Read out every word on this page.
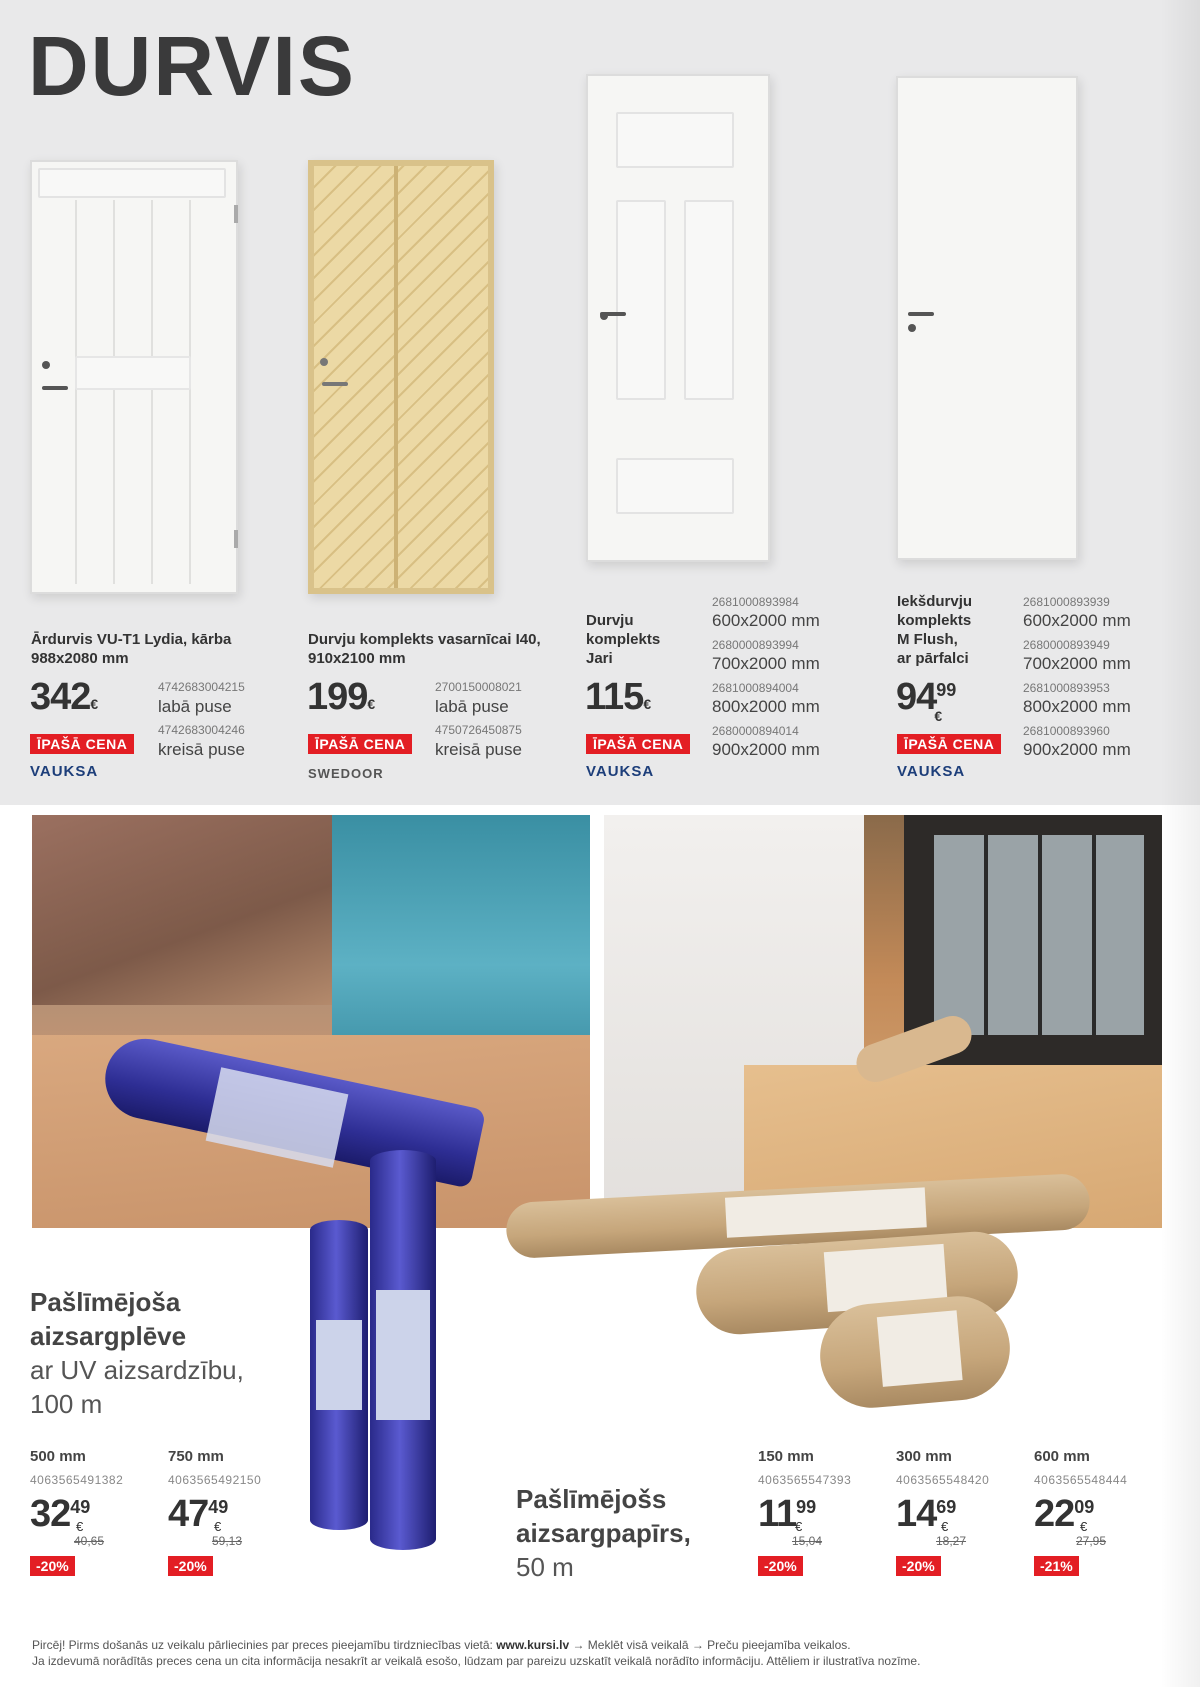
DURVIS
Ārdurvis VU-T1 Lydia, kārba
988x2080 mm
342€
4742683004215
labā puse
4742683004246
kreisā puse
ĪPAŠĀ CENA
VAUKSA
Durvju komplekts vasarnīcai I40,
910x2100 mm
199€
2700150008021
labā puse
4750726450875
kreisā puse
ĪPAŠĀ CENA
SWEDOOR
Durvju
komplekts
Jari
115€
ĪPAŠĀ CENA
VAUKSA
2681000893984
600x2000 mm
2680000893994
700x2000 mm
2681000894004
800x2000 mm
2680000894014
900x2000 mm
Iekšdurvju
komplekts
M Flush,
ar pārfalci
$94^{99}_€$
ĪPAŠĀ CENA
VAUKSA
2681000893939
600x2000 mm
2680000893949
700x2000 mm
2681000893953
800x2000 mm
2681000893960
900x2000 mm
Pašlīmējoša
aizsargplēve
ar UV aizsardzību,
100 m
500 mm
4063565491382
$32^{49}$
€
40,65
-20%
750 mm
4063565492150
$47^{49}$
€
59,13
-20%
Pašlīmējošs
aizsargpapīrs,
50 m
150 mm
4063565547393
$11^{99}$
€
15,04
-20%
300 mm
4063565548420
$14^{69}$
€
18,27
-20%
600 mm
4063565548444
$22^{09}$
€
27,95
-21%
Pircēj! Pirms došanās uz veikalu pārliecinies par preces pieejamību tirdzniecības vietā: www.kursi.lv → Meklēt visā veikalā → Preču pieejamība veikalos.
Ja izdevumā norādītās preces cena un cita informācija nesakrīt ar veikalā esošo, lūdzam par pareizu uzskatīt veikalā norādīto informāciju. Attēliem ir ilustratīva nozīme.
